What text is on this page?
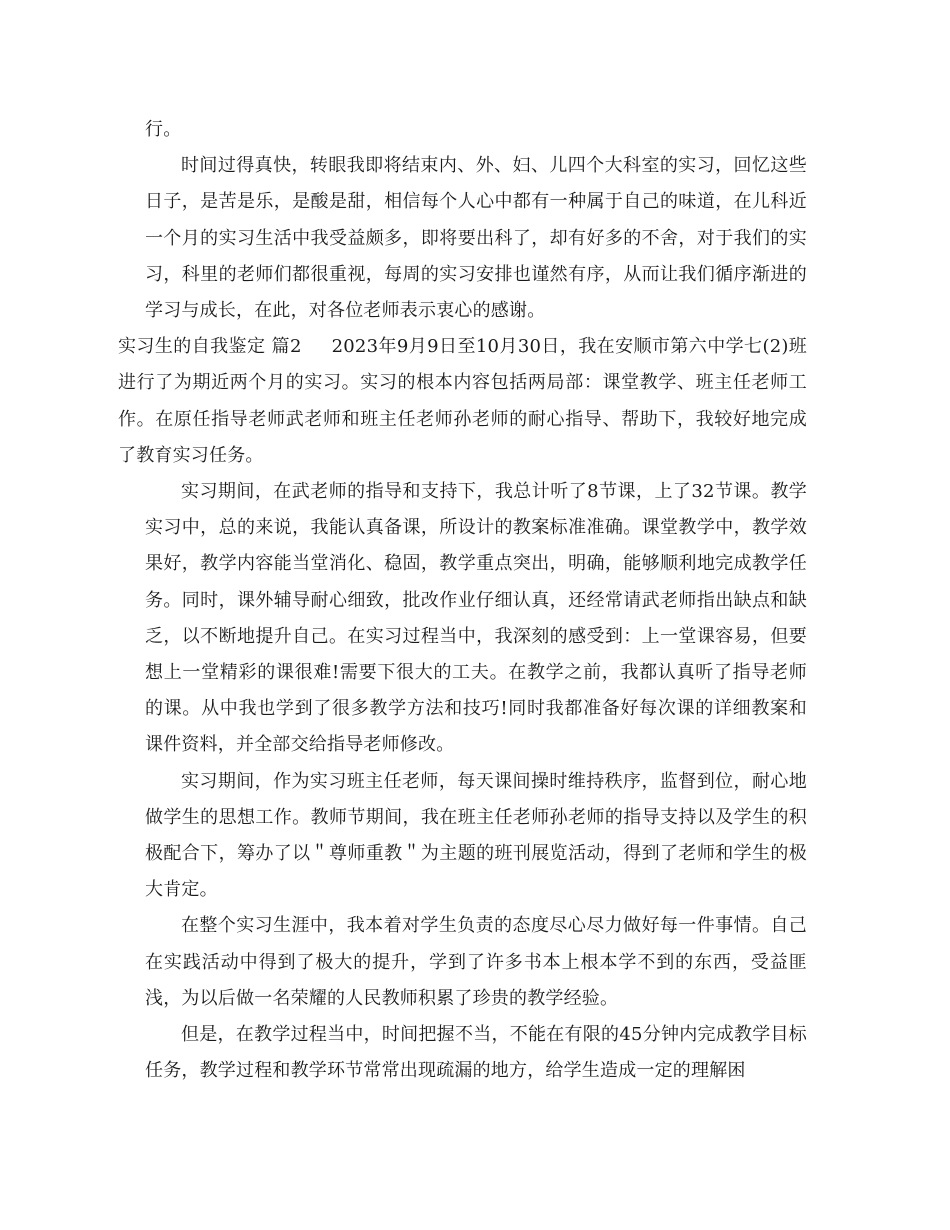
行。

时间过得真快，转眼我即将结束内、外、妇、儿四个大科室的实习，回忆这些日子，是苦是乐，是酸是甜，相信每个人心中都有一种属于自己的味道，在儿科近一个月的实习生活中我受益颇多，即将要出科了，却有好多的不舍，对于我们的实习，科里的老师们都很重视，每周的实习安排也谨然有序，从而让我们循序渐进的学习与成长，在此，对各位老师表示衷心的感谢。

实习生的自我鉴定 篇2 2023年9月9日至10月30日，我在安顺市第六中学七(2)班进行了为期近两个月的实习。实习的根本内容包括两局部：课堂教学、班主任老师工作。在原任指导老师武老师和班主任老师孙老师的耐心指导、帮助下，我较好地完成了教育实习任务。

实习期间，在武老师的指导和支持下，我总计听了8节课，上了32节课。教学实习中，总的来说，我能认真备课，所设计的教案标准准确。课堂教学中，教学效果好，教学内容能当堂消化、稳固，教学重点突出，明确，能够顺利地完成教学任务。同时，课外辅导耐心细致，批改作业仔细认真，还经常请武老师指出缺点和缺乏，以不断地提升自己。在实习过程当中，我深刻的感受到：上一堂课容易，但要想上一堂精彩的课很难!需要下很大的工夫。在教学之前，我都认真听了指导老师的课。从中我也学到了很多教学方法和技巧!同时我都准备好每次课的详细教案和课件资料，并全部交给指导老师修改。

实习期间，作为实习班主任老师，每天课间操时维持秩序，监督到位，耐心地做学生的思想工作。教师节期间，我在班主任老师孙老师的指导支持以及学生的积极配合下，筹办了以＂尊师重教＂为主题的班刊展览活动，得到了老师和学生的极大肯定。

在整个实习生涯中，我本着对学生负责的态度尽心尽力做好每一件事情。自己在实践活动中得到了极大的提升，学到了许多书本上根本学不到的东西，受益匪浅，为以后做一名荣耀的人民教师积累了珍贵的教学经验。

但是，在教学过程当中，时间把握不当，不能在有限的45分钟内完成教学目标任务，教学过程和教学环节常常出现疏漏的地方，给学生造成一定的理解困
